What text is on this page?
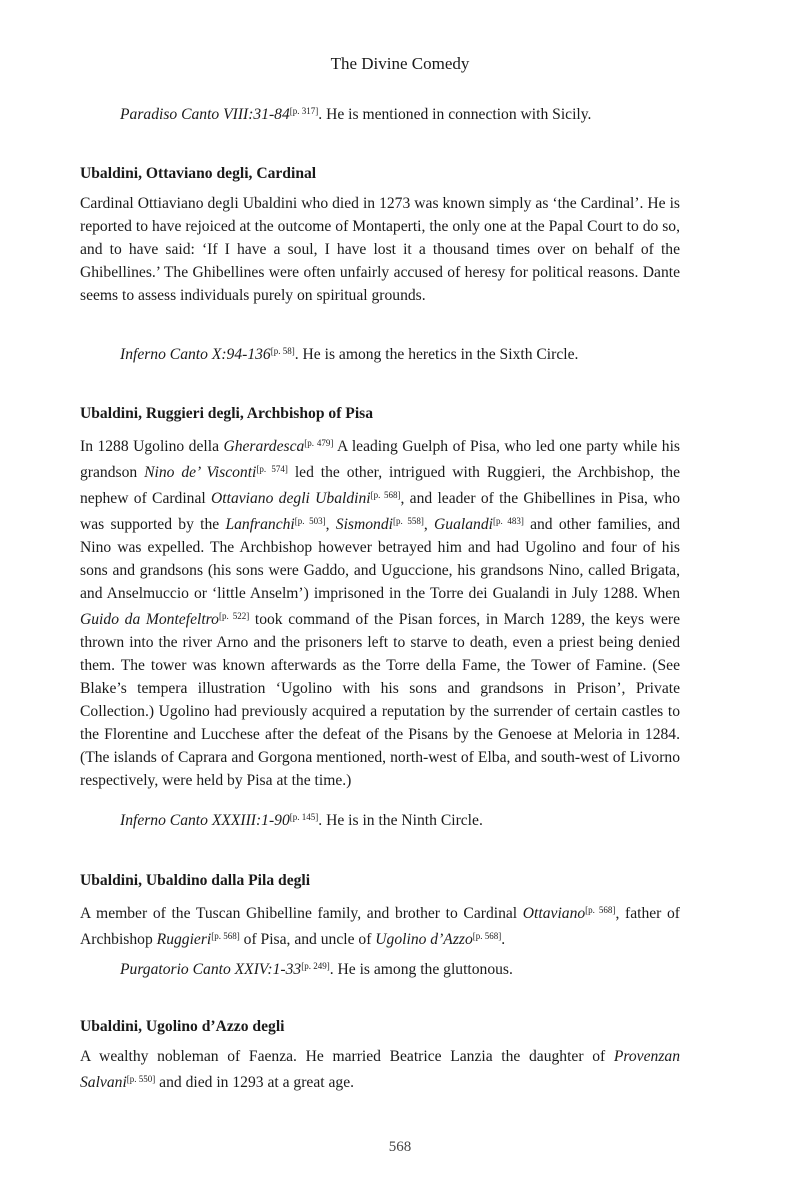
The Divine Comedy
Paradiso Canto VIII:31-84[p. 317]. He is mentioned in connection with Sicily.
Ubaldini, Ottaviano degli, Cardinal
Cardinal Ottiaviano degli Ubaldini who died in 1273 was known simply as ‘the Cardinal’. He is reported to have rejoiced at the outcome of Montaperti, the only one at the Papal Court to do so, and to have said: ‘If I have a soul, I have lost it a thousand times over on behalf of the Ghibellines.’ The Ghibellines were often unfairly accused of heresy for political reasons. Dante seems to assess individuals purely on spiritual grounds.
Inferno Canto X:94-136[p. 58]. He is among the heretics in the Sixth Circle.
Ubaldini, Ruggieri degli, Archbishop of Pisa
In 1288 Ugolino della Gherardesca[p. 479] A leading Guelph of Pisa, who led one party while his grandson Nino de’ Visconti[p. 574] led the other, intrigued with Ruggieri, the Archbishop, the nephew of Cardinal Ottaviano degli Ubaldini[p. 568], and leader of the Ghibellines in Pisa, who was supported by the Lanfranchi[p. 503], Sismondi[p. 558], Gualandi[p. 483] and other families, and Nino was expelled. The Archbishop however betrayed him and had Ugolino and four of his sons and grandsons (his sons were Gaddo, and Uguccione, his grandsons Nino, called Brigata, and Anselmuccio or ‘little Anselm’) imprisoned in the Torre dei Gualandi in July 1288. When Guido da Montefeltro[p. 522] took command of the Pisan forces, in March 1289, the keys were thrown into the river Arno and the prisoners left to starve to death, even a priest being denied them. The tower was known afterwards as the Torre della Fame, the Tower of Famine. (See Blake’s tempera illustration ‘Ugolino with his sons and grandsons in Prison’, Private Collection.) Ugolino had previously acquired a reputation by the surrender of certain castles to the Florentine and Lucchese after the defeat of the Pisans by the Genoese at Meloria in 1284. (The islands of Caprara and Gorgona mentioned, north-west of Elba, and south-west of Livorno respectively, were held by Pisa at the time.)
Inferno Canto XXXIII:1-90[p. 145]. He is in the Ninth Circle.
Ubaldini, Ubaldino dalla Pila degli
A member of the Tuscan Ghibelline family, and brother to Cardinal Ottaviano[p. 568], father of Archbishop Ruggieri[p. 568] of Pisa, and uncle of Ugolino d’Azzo[p. 568].
Purgatorio Canto XXIV:1-33[p. 249]. He is among the gluttonous.
Ubaldini, Ugolino d’Azzo degli
A wealthy nobleman of Faenza. He married Beatrice Lanzia the daughter of Provenzan Salvani[p. 550] and died in 1293 at a great age.
568
